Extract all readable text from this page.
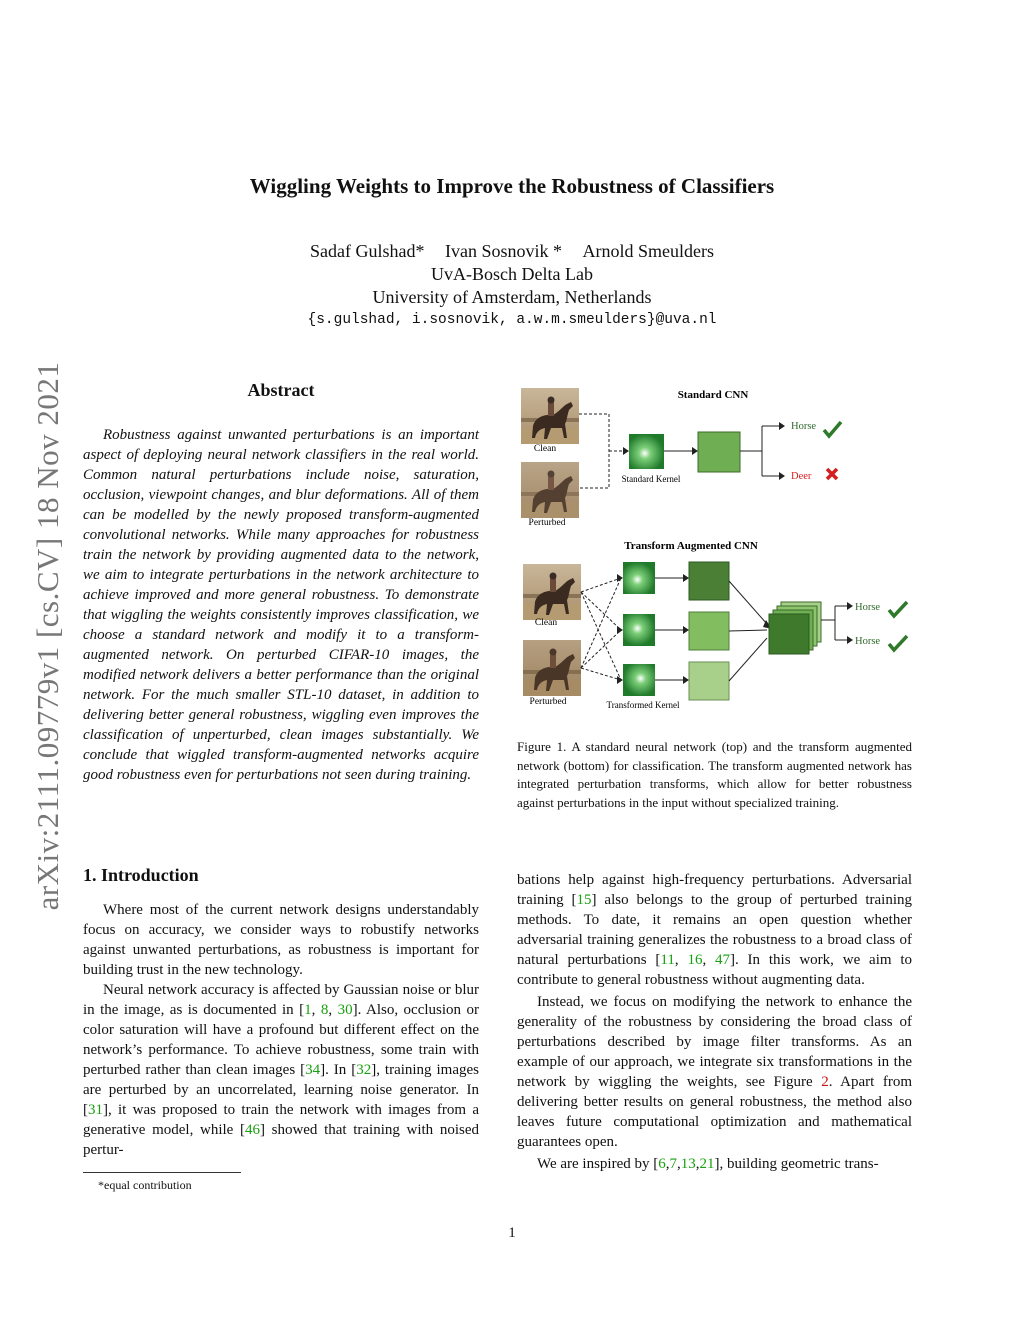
Wiggling Weights to Improve the Robustness of Classifiers
Sadaf Gulshad* Ivan Sosnovik * Arnold Smeulders
UvA-Bosch Delta Lab
University of Amsterdam, Netherlands
{s.gulshad, i.sosnovik, a.w.m.smeulders}@uva.nl
arXiv:2111.09779v1 [cs.CV] 18 Nov 2021	Abstract
Robustness against unwanted perturbations is an important aspect of deploying neural network classifiers in the real world. Common natural perturbations include noise, saturation, occlusion, viewpoint changes, and blur deformations. All of them can be modelled by the newly proposed transform-augmented convolutional networks. While many approaches for robustness train the network by providing augmented data to the network, we aim to integrate perturbations in the network architecture to achieve improved and more general robustness. To demonstrate that wiggling the weights consistently improves classification, we choose a standard network and modify it to a transform-augmented network. On perturbed CIFAR-10 images, the modified network delivers a better performance than the original network. For the much smaller STL-10 dataset, in addition to delivering better general robustness, wiggling even improves the classification of unperturbed, clean images substantially. We conclude that wiggled transform-augmented networks acquire good robustness even for perturbations not seen during training.
1. Introduction

Where most of the current network designs understandably focus on accuracy, we consider ways to robustify networks against unwanted perturbations, as robustness is important for building trust in the new technology.

Neural network accuracy is affected by Gaussian noise or blur in the image, as is documented in [1, 8, 30]. Also, occlusion or color saturation will have a profound but different effect on the network’s performance. To achieve robustness, some train with perturbed rather than clean images [34]. In [32], training images are perturbed by an uncorrelated, learning noise generator. In [31], it was proposed to train the network with images from a generative model, while [46] showed that training with noised pertur-

bations help against high-frequency perturbations. Adversarial training [15] also belongs to the group of perturbed training methods. To date, it remains an open question whether adversarial training generalizes the robustness to a broad class of natural perturbations [11, 16, 47]. In this work, we aim to contribute to general robustness without augmenting data.

Instead, we focus on modifying the network to enhance the generality of the robustness by considering the broad class of perturbations described by image filter transforms. As an example of our approach, we integrate six transformations in the network by wiggling the weights, see Figure 2. Apart from delivering better results on general robustness, the method also leaves future computational optimization and mathematical guarantees open.

We are inspired by [6,7,13,21], building geometric trans-

Standard CNN
Clean
Perturbed
Standard Kernel
Horse
Deer
Transform Augmented CNN
Clean
Perturbed	Transformed Kernel
Horse
Horse
Figure 1. A standard neural network (top) and the transform augmented network (bottom) for classification. The transform augmented network has integrated perturbation transforms, which allow for better robustness against perturbations in the input without specialized training.
*equal contribution
1
